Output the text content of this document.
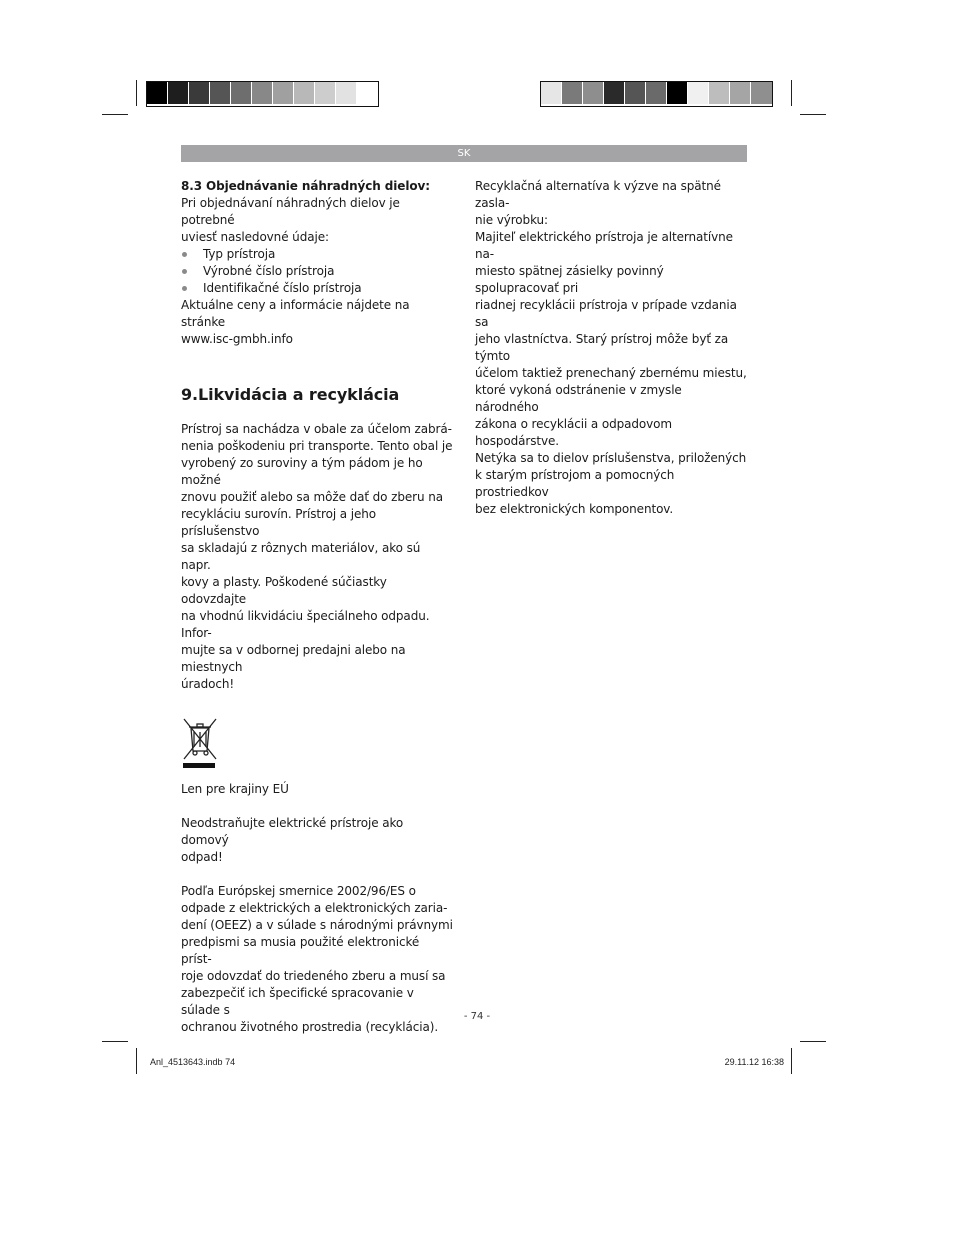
SK

8.3 Objednávanie náhradných dielov:

Pri objednávaní náhradných dielov je potrebné

uviesť nasledovné údaje:

Typ prístroja
Výrobné číslo prístroja
Identifikačné číslo prístroja

Aktuálne ceny a informácie nájdete na stránke

www.isc-gmbh.info

9.Likvidácia a recyklácia

Prístroj sa nachádza v obale za účelom zabrá-

nenia poškodeniu pri transporte. Tento obal je

vyrobený zo suroviny a tým pádom je ho možné

znovu použiť alebo sa môže dať do zberu na

recykláciu surovín. Prístroj a jeho príslušenstvo

sa skladajú z rôznych materiálov, ako sú napr.

kovy a plasty. Poškodené súčiastky odovzdajte

na vhodnú likvidáciu špeciálneho odpadu. Infor-

mujte sa v odbornej predajni alebo na miestnych

úradoch!

Len pre krajiny EÚ

Neodstraňujte elektrické prístroje ako domový

odpad!

Podľa Európskej smernice 2002/96/ES o

odpade z elektrických a elektronických zaria-

dení (OEEZ) a v súlade s národnými právnymi

predpismi sa musia použité elektronické príst-

roje odovzdať do triedeného zberu a musí sa

zabezpečiť ich špecifické spracovanie v súlade s

ochranou životného prostredia (recyklácia).

Recyklačná alternatíva k výzve na spätné zasla-

nie výrobku:

Majiteľ elektrického prístroja je alternatívne na-

miesto spätnej zásielky povinný spolupracovať pri

riadnej recyklácii prístroja v prípade vzdania sa

jeho vlastníctva. Starý prístroj môže byť za týmto

účelom taktiež prenechaný zbernému miestu,

ktoré vykoná odstránenie v zmysle národného

zákona o recyklácii a odpadovom hospodárstve.

Netýka sa to dielov príslušenstva, priložených

k starým prístrojom a pomocných prostriedkov

bez elektronických komponentov.

- 74 -
Anl_4513643.indb 74	29.11.12 16:38
